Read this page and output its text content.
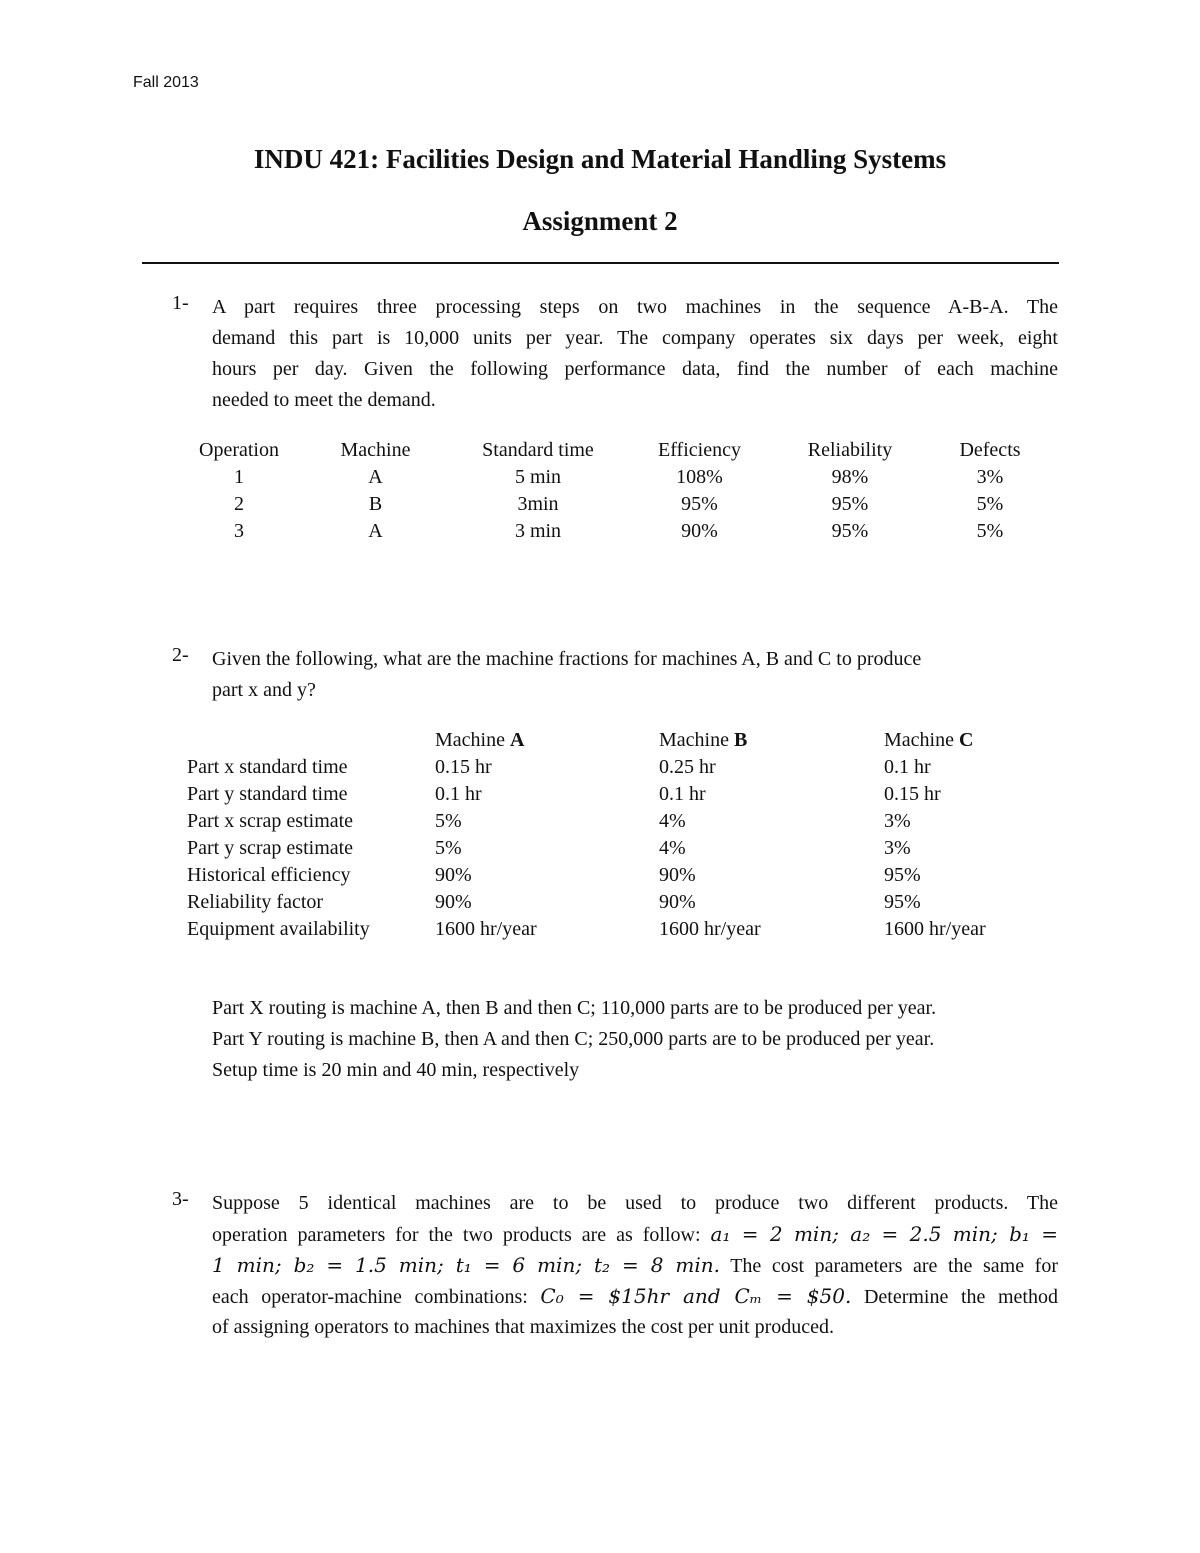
Fall 2013
INDU 421: Facilities Design and Material Handling Systems
Assignment 2
1- A part requires three processing steps on two machines in the sequence A-B-A. The
demand this part is 10,000 units per year. The company operates six days per week, eight
hours per day. Given the following performance data, find the number of each machine
needed to meet the demand.
Operation	Machine	Standard time	Efficiency	Reliability	Defects
1	A	5 min	108%	98%	3%
2	B	3min	95%	95%	5%
3	A	3 min	90%	95%	5%
2- Given the following, what are the machine fractions for machines A, B and C to produce
part x and y?
	Machine A	Machine B	Machine C
Part x standard time	0.15 hr	0.25 hr	0.1 hr
Part y standard time	0.1 hr	0.1 hr	0.15 hr
Part x scrap estimate	5%	4%	3%
Part y scrap estimate	5%	4%	3%
Historical efficiency	90%	90%	95%
Reliability factor	90%	90%	95%
Equipment availability	1600 hr/year	1600 hr/year	1600 hr/year
Part X routing is machine A, then B and then C; 110,000 parts are to be produced per year.
Part Y routing is machine B, then A and then C; 250,000 parts are to be produced per year.
Setup time is 20 min and 40 min, respectively
3- Suppose 5 identical machines are to be used to produce two different products. The
operation parameters for the two products are as follow: a₁ = 2 min; a₂ = 2.5 min; b₁ =
1 min; b₂ = 1.5 min; t₁ = 6 min; t₂ = 8 min. The cost parameters are the same for
each operator-machine combinations: C₀ = $15hr and Cₘ = $50. Determine the method
of assigning operators to machines that maximizes the cost per unit produced.
